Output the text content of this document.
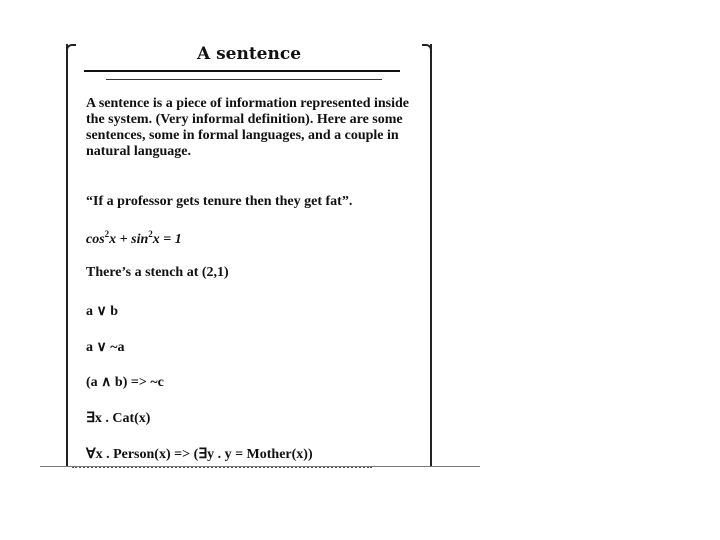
A sentence
A sentence is a piece of information represented inside the system. (Very informal definition). Here are some sentences, some in formal languages, and a couple in natural language.
“If a professor gets tenure then they get fat”.
$\cos^2x + \sin^2x = 1$
There’s a stench at (2,1)
a ∨ b
a ∨ ~a
(a ∧ b) => ~c
∃x . Cat(x)
∀x . Person(x) => (∃y . y = Mother(x))
